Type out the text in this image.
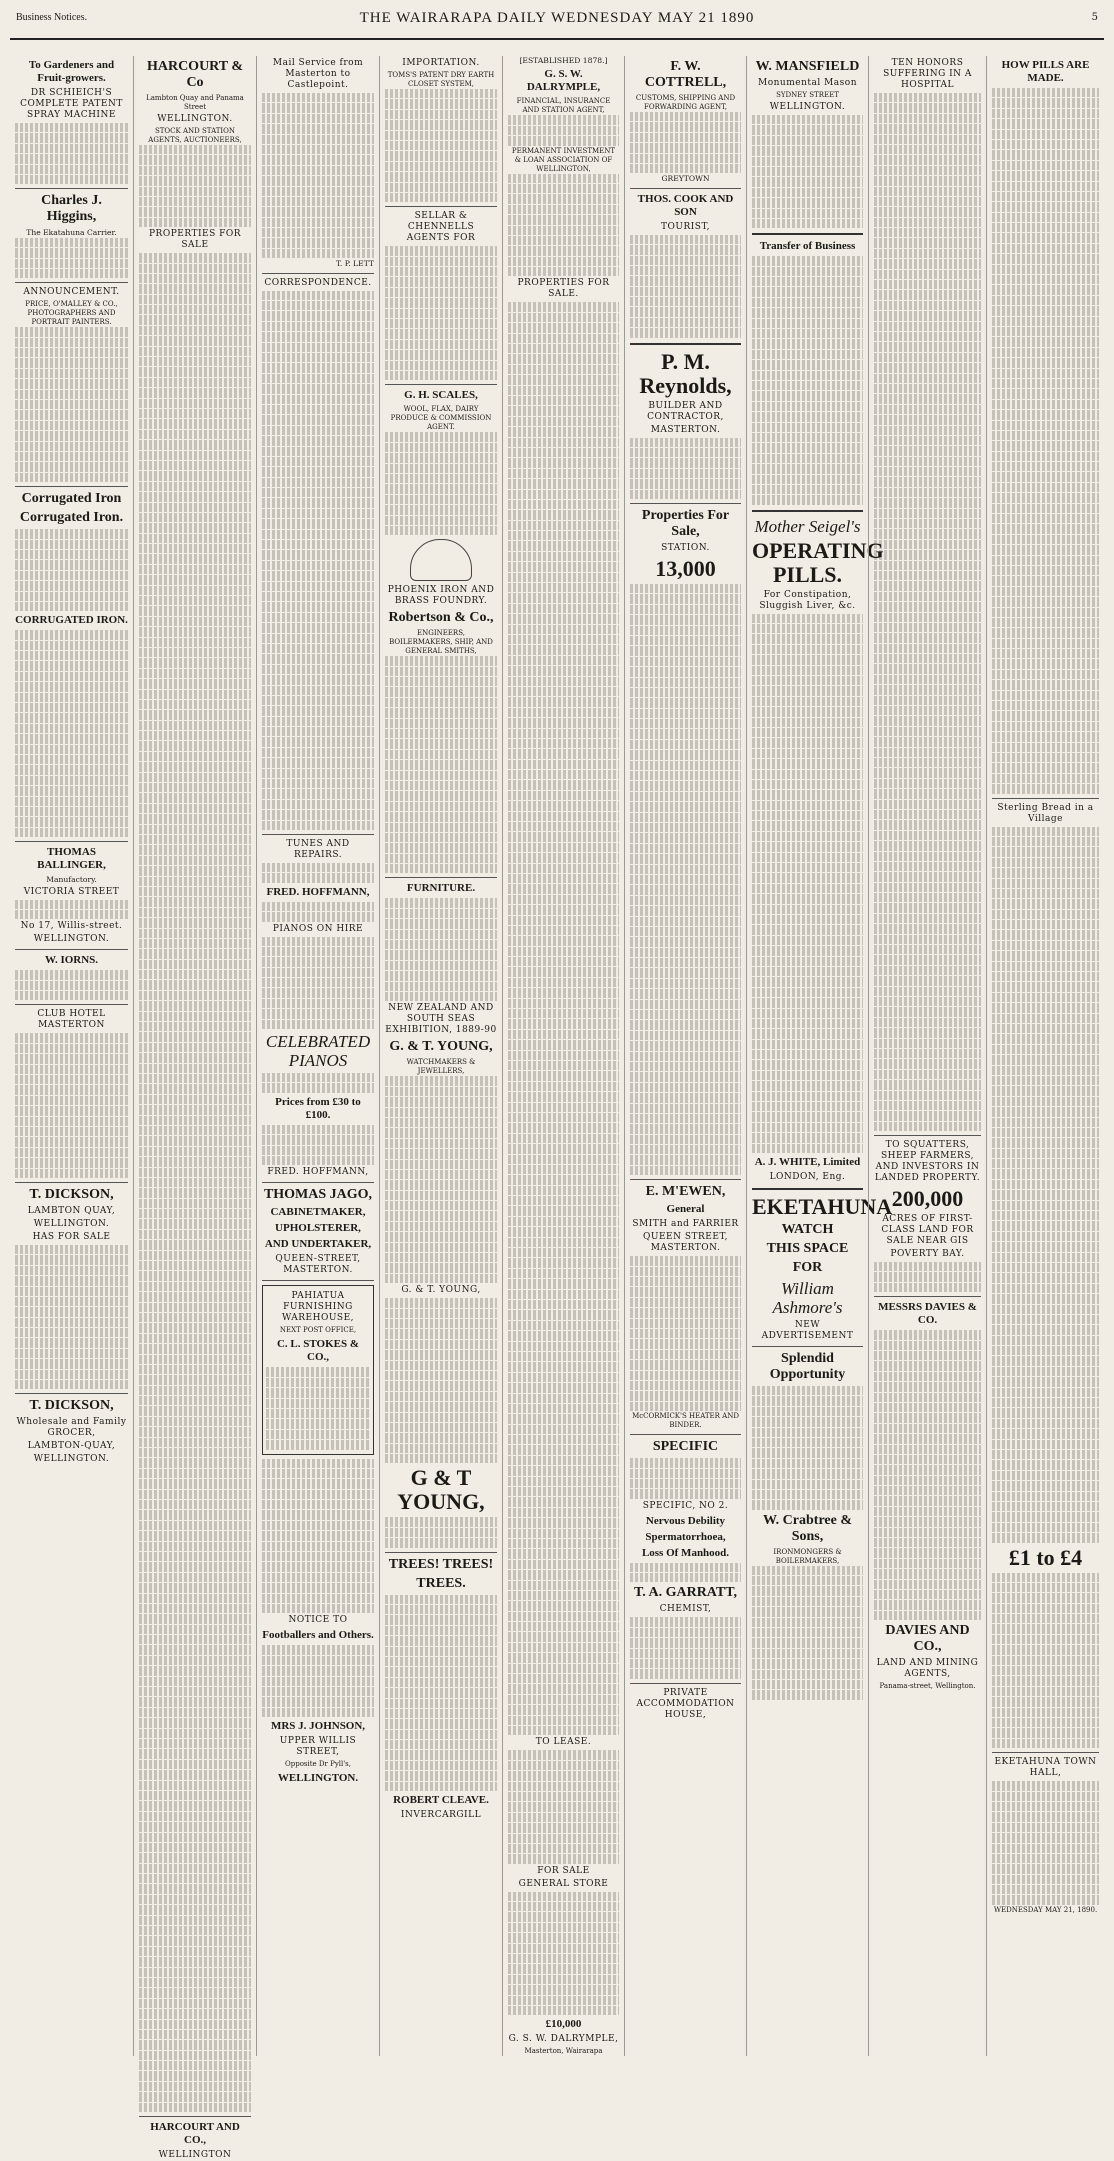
Business Notices.	THE WAIRARAPA DAILY WEDNESDAY MAY 21 1890	5
To Gardeners and Fruit-growers.
DR SCHIEICH'S COMPLETE PATENT SPRAY MACHINE
Charles J. Higgins,
The Ekatahuna Carrier.
ANNOUNCEMENT.
PRICE, O'MALLEY & CO., PHOTOGRAPHERS AND PORTRAIT PAINTERS.
Corrugated Iron
Corrugated Iron.
CORRUGATED IRON.
THOMAS BALLINGER,
Manufactory.
VICTORIA STREET
No 17, Willis-street.
WELLINGTON.
W. IORNS.
CLUB HOTEL MASTERTON
T. DICKSON,
LAMBTON QUAY,
WELLINGTON.
HAS FOR SALE
T. DICKSON,
Wholesale and Family GROCER,
LAMBTON-QUAY,
WELLINGTON.
HARCOURT & Co
Lambton Quay and Panama Street
WELLINGTON.
STOCK AND STATION AGENTS, AUCTIONEERS,
PROPERTIES FOR SALE
HARCOURT AND CO.,
WELLINGTON
Mail Service from Masterton to Castlepoint.
T. P. LETT
CORRESPONDENCE.
TUNES AND REPAIRS.
FRED. HOFFMANN,
PIANOS ON HIRE
CELEBRATED PIANOS
Prices from £30 to £100.
FRED. HOFFMANN,
THOMAS JAGO,
CABINETMAKER,
UPHOLSTERER,
AND UNDERTAKER,
QUEEN-STREET, MASTERTON.
PAHIATUA FURNISHING WAREHOUSE,
NEXT POST OFFICE,
C. L. STOKES & CO.,
NOTICE TO
Footballers and Others.
MRS J. JOHNSON,
UPPER WILLIS STREET,
Opposite Dr Pyll's,
WELLINGTON.
IMPORTATION.
TOMS'S PATENT DRY EARTH CLOSET SYSTEM,
SELLAR & CHENNELLS AGENTS FOR
G. H. SCALES,
WOOL, FLAX, DAIRY PRODUCE & COMMISSION AGENT.
PHOENIX IRON AND BRASS FOUNDRY.
Robertson & Co.,
ENGINEERS, BOILERMAKERS, SHIP, AND GENERAL SMITHS,
FURNITURE.
NEW ZEALAND AND SOUTH SEAS EXHIBITION, 1889-90
G. & T. YOUNG,
WATCHMAKERS & JEWELLERS,
G. & T. YOUNG,
G & T YOUNG,
TREES! TREES!
TREES.
ROBERT CLEAVE.
INVERCARGILL
[ESTABLISHED 1878.]
G. S. W. DALRYMPLE,
FINANCIAL, INSURANCE AND STATION AGENT,
PERMANENT INVESTMENT & LOAN ASSOCIATION OF WELLINGTON,
PROPERTIES FOR SALE.
TO LEASE.
FOR SALE
GENERAL STORE
£10,000
G. S. W. DALRYMPLE,
Masterton, Wairarapa
F. W. COTTRELL,
CUSTOMS, SHIPPING AND FORWARDING AGENT,
GREYTOWN
THOS. COOK AND SON
TOURIST,
P. M. Reynolds,
BUILDER AND CONTRACTOR,
MASTERTON.
Properties For Sale,
STATION.
13,000
E. M'EWEN,
General
SMITH and FARRIER
QUEEN STREET, MASTERTON.
McCORMICK'S HEATER AND BINDER.
SPECIFIC
SPECIFIC, NO 2.
Nervous Debility
Spermatorrhoea,
Loss Of Manhood.
T. A. GARRATT,
CHEMIST,
PRIVATE ACCOMMODATION HOUSE,
W. MANSFIELD
Monumental Mason
SYDNEY STREET
WELLINGTON.
Transfer of Business
Mother Seigel's
OPERATING PILLS.
For Constipation, Sluggish Liver, &c.
A. J. WHITE, Limited
LONDON, Eng.
EKETAHUNA
WATCH
THIS SPACE
FOR
William Ashmore's
NEW ADVERTISEMENT
Splendid Opportunity
W. Crabtree & Sons,
IRONMONGERS & BOILERMAKERS,
TEN HONORS SUFFERING IN A HOSPITAL
TO SQUATTERS, SHEEP FARMERS, AND INVESTORS IN LANDED PROPERTY.
200,000
ACRES OF FIRST-CLASS LAND FOR SALE NEAR GIS
POVERTY BAY.
MESSRS DAVIES & CO.
DAVIES AND CO.,
LAND AND MINING AGENTS,
Panama-street, Wellington.
HOW PILLS ARE MADE.
Sterling Bread in a Village
£1 to £4
EKETAHUNA TOWN HALL,
WEDNESDAY MAY 21, 1890.
